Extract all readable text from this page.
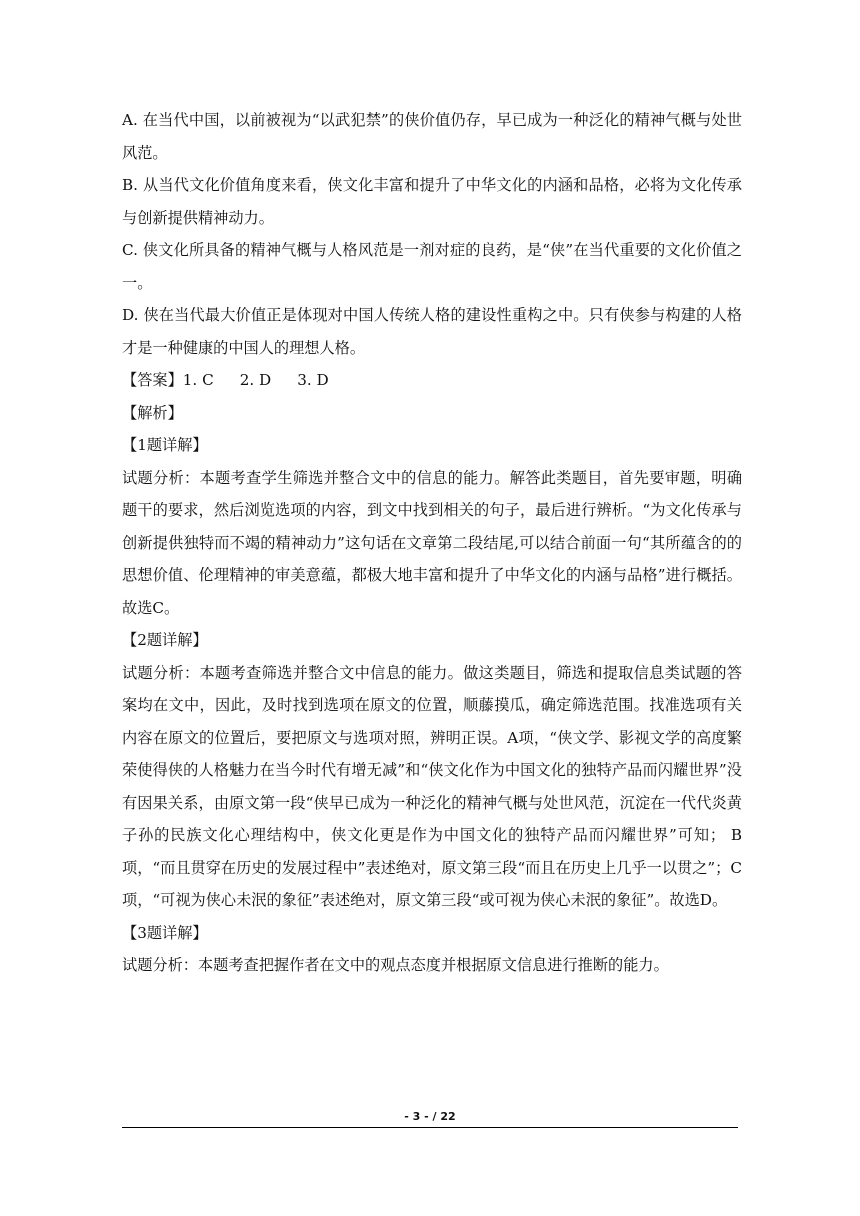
A. 在当代中国，以前被视为“以武犯禁”的侠价值仍存，早已成为一种泛化的精神气概与处世风范。

B. 从当代文化价值角度来看，侠文化丰富和提升了中华文化的内涵和品格，必将为文化传承与创新提供精神动力。

C. 侠文化所具备的精神气概与人格风范是一剂对症的良药，是“侠”在当代重要的文化价值之一。

D. 侠在当代最大价值正是体现对中国人传统人格的建设性重构之中。只有侠参与构建的人格才是一种健康的中国人的理想人格。

【答案】1. C 2. D 3. D

【解析】

【1题详解】

试题分析：本题考查学生筛选并整合文中的信息的能力。解答此类题目，首先要审题，明确题干的要求，然后浏览选项的内容，到文中找到相关的句子，最后进行辨析。“为文化传承与创新提供独特而不竭的精神动力”这句话在文章第二段结尾,可以结合前面一句“其所蕴含的的思想价值、伦理精神的审美意蕴，都极大地丰富和提升了中华文化的内涵与品格”进行概括。故选C。

【2题详解】

试题分析：本题考查筛选并整合文中信息的能力。做这类题目，筛选和提取信息类试题的答案均在文中，因此，及时找到选项在原文的位置，顺藤摸瓜，确定筛选范围。找准选项有关内容在原文的位置后，要把原文与选项对照，辨明正误。A项，“侠文学、影视文学的高度繁荣使得侠的人格魅力在当今时代有增无减”和“侠文化作为中国文化的独特产品而闪耀世界”没有因果关系，由原文第一段“侠早已成为一种泛化的精神气概与处世风范，沉淀在一代代炎黄子孙的民族文化心理结构中，侠文化更是作为中国文化的独特产品而闪耀世界”可知； B项，“而且贯穿在历史的发展过程中”表述绝对，原文第三段“而且在历史上几乎一以贯之”；C项，“可视为侠心未泯的象征”表述绝对，原文第三段“或可视为侠心未泯的象征”。故选D。

【3题详解】

试题分析：本题考查把握作者在文中的观点态度并根据原文信息进行推断的能力。

- 3 - / 22
